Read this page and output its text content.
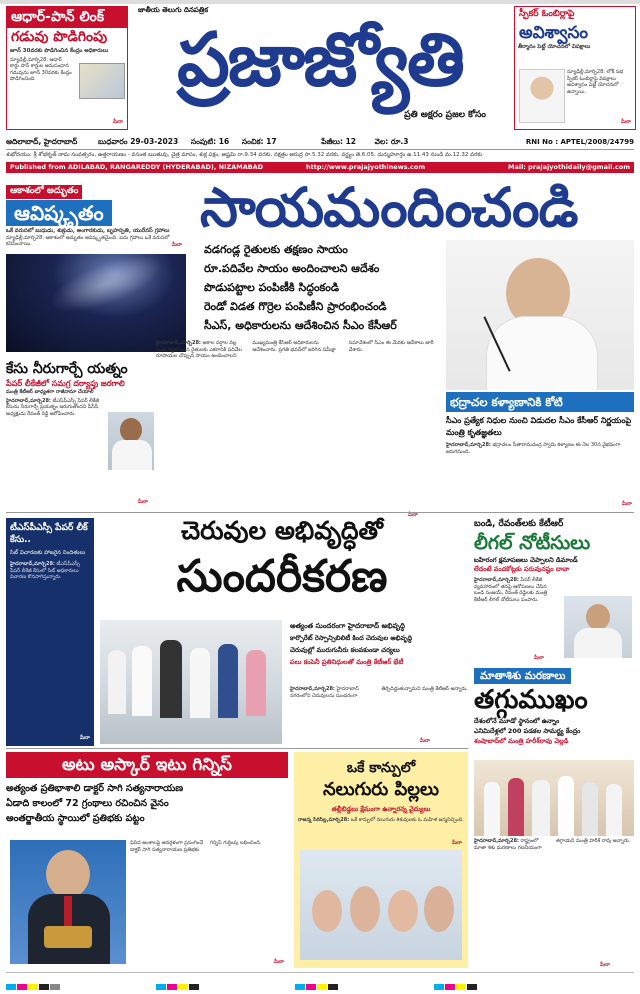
ఆధార్-పాన్ లింక్
గడువు పొడిగింపు
జూన్ 30వరకు పొడిగించిన కేంద్రం అధికారులు
న్యూఢిల్లీ,మార్చి28: ఆధార్ కార్డు పాన్ కార్డుల అనుసంధాన గడువును జూన్ 30వరకు కేంద్రం పొడిగించింది.
మీరా
జాతీయ తెలుగు దినపత్రిక
ప్రజాజ్యోతి
ప్రతి అక్షరం ప్రజల కోసం
స్పీకర్ ఓంబిర్లాపై
అవిశ్వాసం
తీర్మానం పెట్టే యోచనలో విపక్షాలు
న్యూఢిల్లీ,మార్చి28: లోక్ సభ స్పీకర్ ఓంబిర్లాపై విపక్షాలు అవిశ్వాసం పెట్టే యోచనలో ఉన్నాయి.
మీరా
ఆదిలాబాద్, హైదరాబాద్	బుధవారం 29-03-2023 సంపుటి: 16 సంచిక: 17	పేజీలు: 12 వెల: రూ.3	RNI No : APTEL/2008/24799
శుభోదయం: శ్రీ శోభకృత్ నామ సంవత్సరం, ఉత్తరాయణం - వసంత ఋతువు, చైత్ర మాసం, శుక్ల పక్షం, అష్టమి రా.9.34 వరకు, నక్షత్రం ఆరుద్ర సా.5.32 వరకు, వర్జ్యం తె.6.05, దుర్ముహూర్తం ఉ.11.43 నుండి మ.12.32 వరకు
Published from ADILABAD, RANGAREDDY (HYDERABAD), NIZAMABAD	http://www.prajajyothinews.com	Mail: prajajyothidaily@gmail.com
ఆకాశంలో అద్భుతం ఆవిష్కృతం
ఒకే వరుసలో బుధుడు, శుక్రుడు, అంగారకుడు, బృహస్పతి, యురేనస్ గ్రహాలు
న్యూఢిల్లీ,మార్చి28: ఆకాశంలో అద్భుతం ఆవిష్కృతమైంది. ఐదు గ్రహాలు ఒకే వరుసలో కనిపించాయి.	మీరా
సాయమందించండి
వడగండ్ల రైతులకు తక్షణం సాయం
రూ.పదివేల సాయం అందించాలని ఆదేశం
పొడుపట్టాల పంపిణీకి సిద్ధంకండి
రెండో విడత గొర్రెల పంపిణీని ప్రారంభించండి
సీఎస్, అధికారులను ఆదేశించిన సీఎం కేసీఆర్

హైదరాబాద్,మార్చి28: అకాల వర్షాల వల్ల పంట నష్టపోయిన రైతులకు ఎకరానికి పదివేల రూపాయల చొప్పున సాయం అందించాలని ముఖ్యమంత్రి కేసీఆర్ అధికారులను ఆదేశించారు. ప్రగతి భవన్‌లో జరిగిన సమీక్షా సమావేశంలో సీఎం ఈ మేరకు ఆదేశాలు జారీ చేశారు.

మీరా
భద్రాచల కళ్యాణానికి కోటి
సీఎం ప్రత్యేక నిధుల నుంచి విడుదల సీఎం కేసీఆర్ నిర్ణయంపై మంత్రి కృతజ్ఞతలు
హైదరాబాద్,మార్చి28: భద్రాచలం సీతారామచంద్ర స్వామి కళ్యాణం ఈ నెల 30న వైభవంగా జరుగనుంది.
మీరా
కేసు నీరుగార్చే యత్నం
పేపర్ లీకేజీలో సమగ్ర దర్యాప్తు జరగాలి
మంత్రి కేటీఆర్ బాధ్యతగా రాజీనామా చేయాలి
హైదరాబాద్,మార్చి28: టీఎస్‌పీఎస్సీ పేపర్ లీకేజీ కేసును నీరుగార్చే ప్రయత్నం జరుగుతోందని పీసీసీ అధ్యక్షుడు రేవంత్ రెడ్డి ఆరోపించారు.
మీరా
టీఎస్‌పీఎస్సీ పేపర్ లీక్ కేసు..
సిట్ విచారణకు హాజరైన నిందితులు
హైదరాబాద్,మార్చి28: టీఎస్‌పీఎస్సీ పేపర్ లీకేజీ కేసులో సిట్ అధికారులు విచారణ కొనసాగిస్తున్నారు.
మీరా
చెరువుల అభివృద్ధితో
సుందరీకరణ
అత్యంత సుందరంగా హైదరాబాద్ అభివృద్ధి
కార్పొరేట్ రెస్పాన్సిబిలిటీ కింద చెరువుల అభివృద్ధి
చెరువుల్లో మురుగునీరు కలవకుండా చర్యలు
పలు కంపెనీ ప్రతినిధులతో మంత్రి కేటీఆర్ భేటీ
హైదరాబాద్,మార్చి28: హైదరాబాద్ నగరంలోని చెరువులను సుందరంగా తీర్చిదిద్దుతున్నామని మంత్రి కేటీఆర్ అన్నారు.
మీరా
బండి, రేవంత్‌లకు కేటీఆర్
లీగల్ నోటీసులు
బహిరంగ క్షమాపణలు చెప్పాలని డిమాండ్
లేదంటే వందకోట్లకు పరువునష్టం దావా
హైదరాబాద్,మార్చి28: పేపర్ లీకేజీ వ్యవహారంలో తనపై ఆరోపణలు చేసిన బండి సంజయ్, రేవంత్ రెడ్డిలకు మంత్రి కేటీఆర్ లీగల్ నోటీసులు పంపారు.
మీరా
మాతాశిశు మరణాలు
తగ్గుముఖం
దేశంలోనే మూడో స్థానంలో ఉన్నాం
ఎనిమిదేళ్లలో 200 పడకల సామర్థ్య కేంద్రం
శంషాబాద్‌లో మంత్రి హరీశ్‌రావు వెల్లడి
హైదరాబాద్,మార్చి28: రాష్ట్రంలో మాతా శిశు మరణాలు గణనీయంగా తగ్గాయని మంత్రి హరీశ్ రావు అన్నారు.
మీరా
అటు అస్కార్ ఇటు గిన్నిస్
అత్యంత ప్రతిభాశాలి డాక్టర్ సాగి సత్యనారాయణ
ఏడాది కాలంలో 72 గ్రంథాలు రచించిన వైనం
అంతర్జాతీయ స్థాయిలో ప్రతిభకు పట్టం
వివిధ అంశాలపై అనర్గళంగా ప్రసంగించే డాక్టర్ సాగి సత్యనారాయణ ప్రతిభకు గిన్నిస్ గుర్తింపు లభించింది.
మీరా
ఒకే కాన్పులో
నలుగురు పిల్లలు
తల్లీబిడ్డలు క్షేమంగా ఉన్నారన్న వైద్యులు
రాజన్న సిరిసిల్ల,మార్చి28: ఒకే కాన్పులో నలుగురు శిశువులకు ఓ మహిళ జన్మనిచ్చింది.
మీరా
